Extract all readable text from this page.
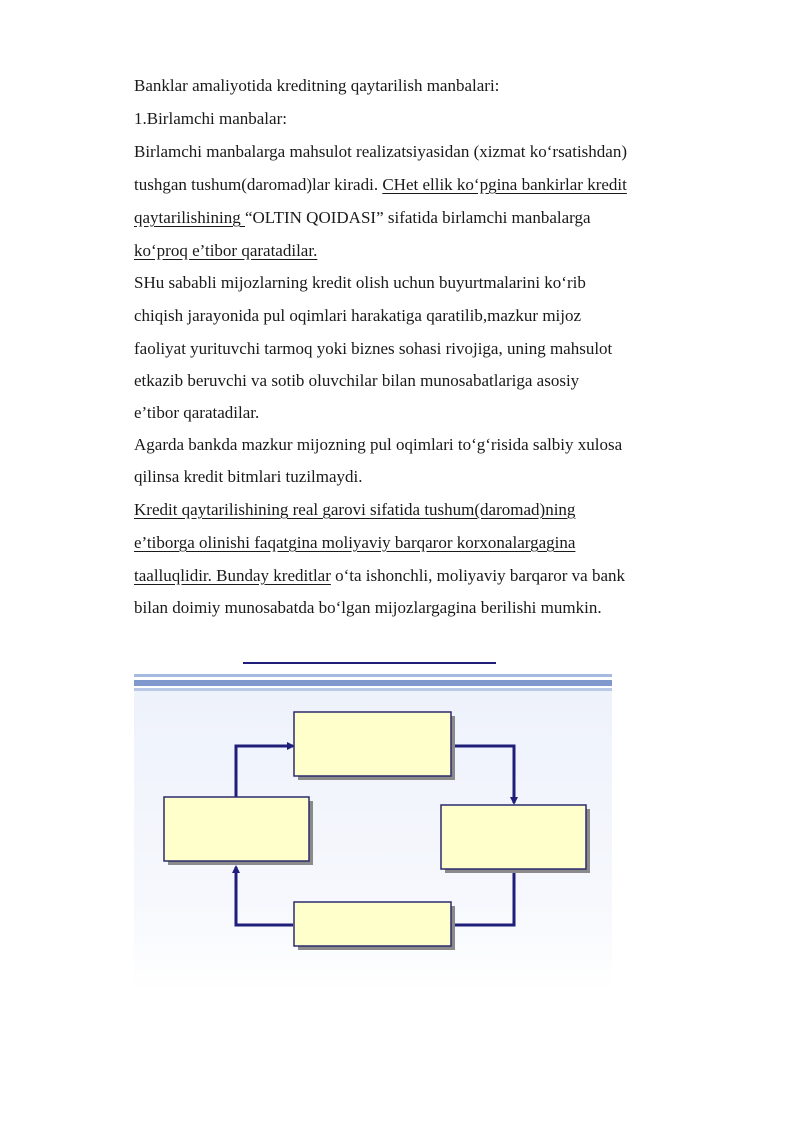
Banklar amaliyotida kreditning qaytarilish manbalari:
1.Birlamchi manbalar:
Birlamchi manbalarga mahsulot realizatsiyasidan (xizmat ko‘rsatishdan)
tushgan tushum(daromad)lar kiradi. CHet ellik ko‘pgina bankirlar kredit
qaytarilishining “OLTIN QOIDASI” sifatida birlamchi manbalarga
ko‘proq e’tibor qaratadilar.
SHu sababli mijozlarning kredit olish uchun buyurtmalarini ko‘rib
chiqish jarayonida pul oqimlari harakatiga qaratilib,mazkur mijoz
faoliyat yurituvchi tarmoq yoki biznes sohasi rivojiga, uning mahsulot
etkazib beruvchi va sotib oluvchilar bilan munosabatlariga asosiy
e’tibor qaratadilar.
Agarda bankda mazkur mijozning pul oqimlari to‘g‘risida salbiy xulosa
qilinsa kredit bitmlari tuzilmaydi.
Kredit qaytarilishining real garovi sifatida tushum(daromad)ning
e’tiborga olinishi faqatgina moliyaviy barqaror korxonalargagina
taalluqlidir. Bunday kreditlar o‘ta ishonchli, moliyaviy barqaror va bank
bilan doimiy munosabatda bo‘lgan mijozlargagina berilishi mumkin.
